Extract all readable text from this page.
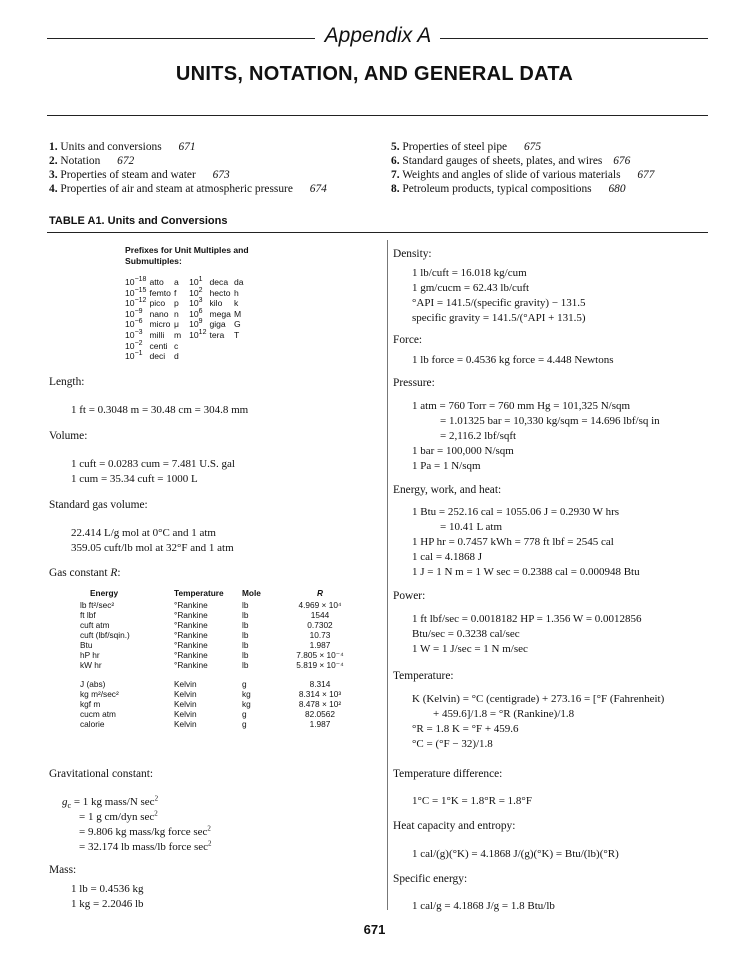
Appendix A
UNITS, NOTATION, AND GENERAL DATA
1. Units and conversions 671
2. Notation 672
3. Properties of steam and water 673
4. Properties of air and steam at atmospheric pressure 674
5. Properties of steel pipe 675
6. Standard gauges of sheets, plates, and wires 676
7. Weights and angles of slide of various materials 677
8. Petroleum products, typical compositions 680
TABLE A1. Units and Conversions
Prefixes for Unit Multiples and
Submultiples:
$10^{-18}$	atto	a	$10^1$	deca	da
$10^{-15}$	femto	f	$10^2$	hecto	h
$10^{-12}$	pico	p	$10^3$	kilo	k
$10^{-9}$	nano	n	$10^6$	mega	M
$10^{-6}$	micro	μ	$10^9$	giga	G
$10^{-3}$	milli	m	$10^{12}$	tera	T
$10^{-2}$	centi	c			
$10^{-1}$	deci	d			
Length:
1 ft = 0.3048 m = 30.48 cm = 304.8 mm
Volume:
1 cuft = 0.0283 cum = 7.481 U.S. gal
1 cum = 35.34 cuft = 1000 L
Standard gas volume:
22.414 L/g mol at 0°C and 1 atm
359.05 cuft/lb mol at 32°F and 1 atm
Gas constant R:
Energy	Temperature	Mole	R
lb ft²/sec²	°Rankine	lb	4.969 × 10⁴
ft lbf	°Rankine	lb	1544
cuft atm	°Rankine	lb	0.7302
cuft (lbf/sqin.)	°Rankine	lb	10.73
Btu	°Rankine	lb	1.987
hP hr	°Rankine	lb	7.805 × 10⁻⁴
kW hr	°Rankine	lb	5.819 × 10⁻⁴

J (abs)	Kelvin	g	8.314
kg m²/sec²	Kelvin	kg	8.314 × 10³
kgf m	Kelvin	kg	8.478 × 10²
cucm atm	Kelvin	g	82.0562
calorie	Kelvin	g	1.987
Gravitational constant:
$g_c = 1$ kg mass/N $\sec^2$
= 1 g cm/dyn $\sec^2$
= 9.806 kg mass/kg force $\sec^2$
= 32.174 lb mass/lb force $\sec^2$
Mass:
1 lb = 0.4536 kg
1 kg = 2.2046 lb
Density:
1 lb/cuft = 16.018 kg/cum
1 gm/cucm = 62.43 lb/cuft
°API = 141.5/(specific gravity) − 131.5
specific gravity = 141.5/(°API + 131.5)
Force:
1 lb force = 0.4536 kg force = 4.448 Newtons
Pressure:
1 atm = 760 Torr = 760 mm Hg = 101,325 N/sqm
= 1.01325 bar = 10,330 kg/sqm = 14.696 lbf/sq in
= 2,116.2 lbf/sqft
1 bar = 100,000 N/sqm
1 Pa = 1 N/sqm
Energy, work, and heat:
1 Btu = 252.16 cal = 1055.06 J = 0.2930 W hrs
= 10.41 L atm
1 HP hr = 0.7457 kWh = 778 ft lbf = 2545 cal
1 cal = 4.1868 J
1 J = 1 N m = 1 W sec = 0.2388 cal = 0.000948 Btu
Power:
1 ft lbf/sec = 0.0018182 HP = 1.356 W = 0.0012856
Btu/sec = 0.3238 cal/sec
1 W = 1 J/sec = 1 N m/sec
Temperature:
K (Kelvin) = °C (centigrade) + 273.16 = [°F (Fahrenheit)
+ 459.6]/1.8 = °R (Rankine)/1.8
°R = 1.8 K = °F + 459.6
°C = (°F − 32)/1.8
Temperature difference:
1°C = 1°K = 1.8°R = 1.8°F
Heat capacity and entropy:
1 cal/(g)(°K) = 4.1868 J/(g)(°K) = Btu/(lb)(°R)
Specific energy:
1 cal/g = 4.1868 J/g = 1.8 Btu/lb
671
